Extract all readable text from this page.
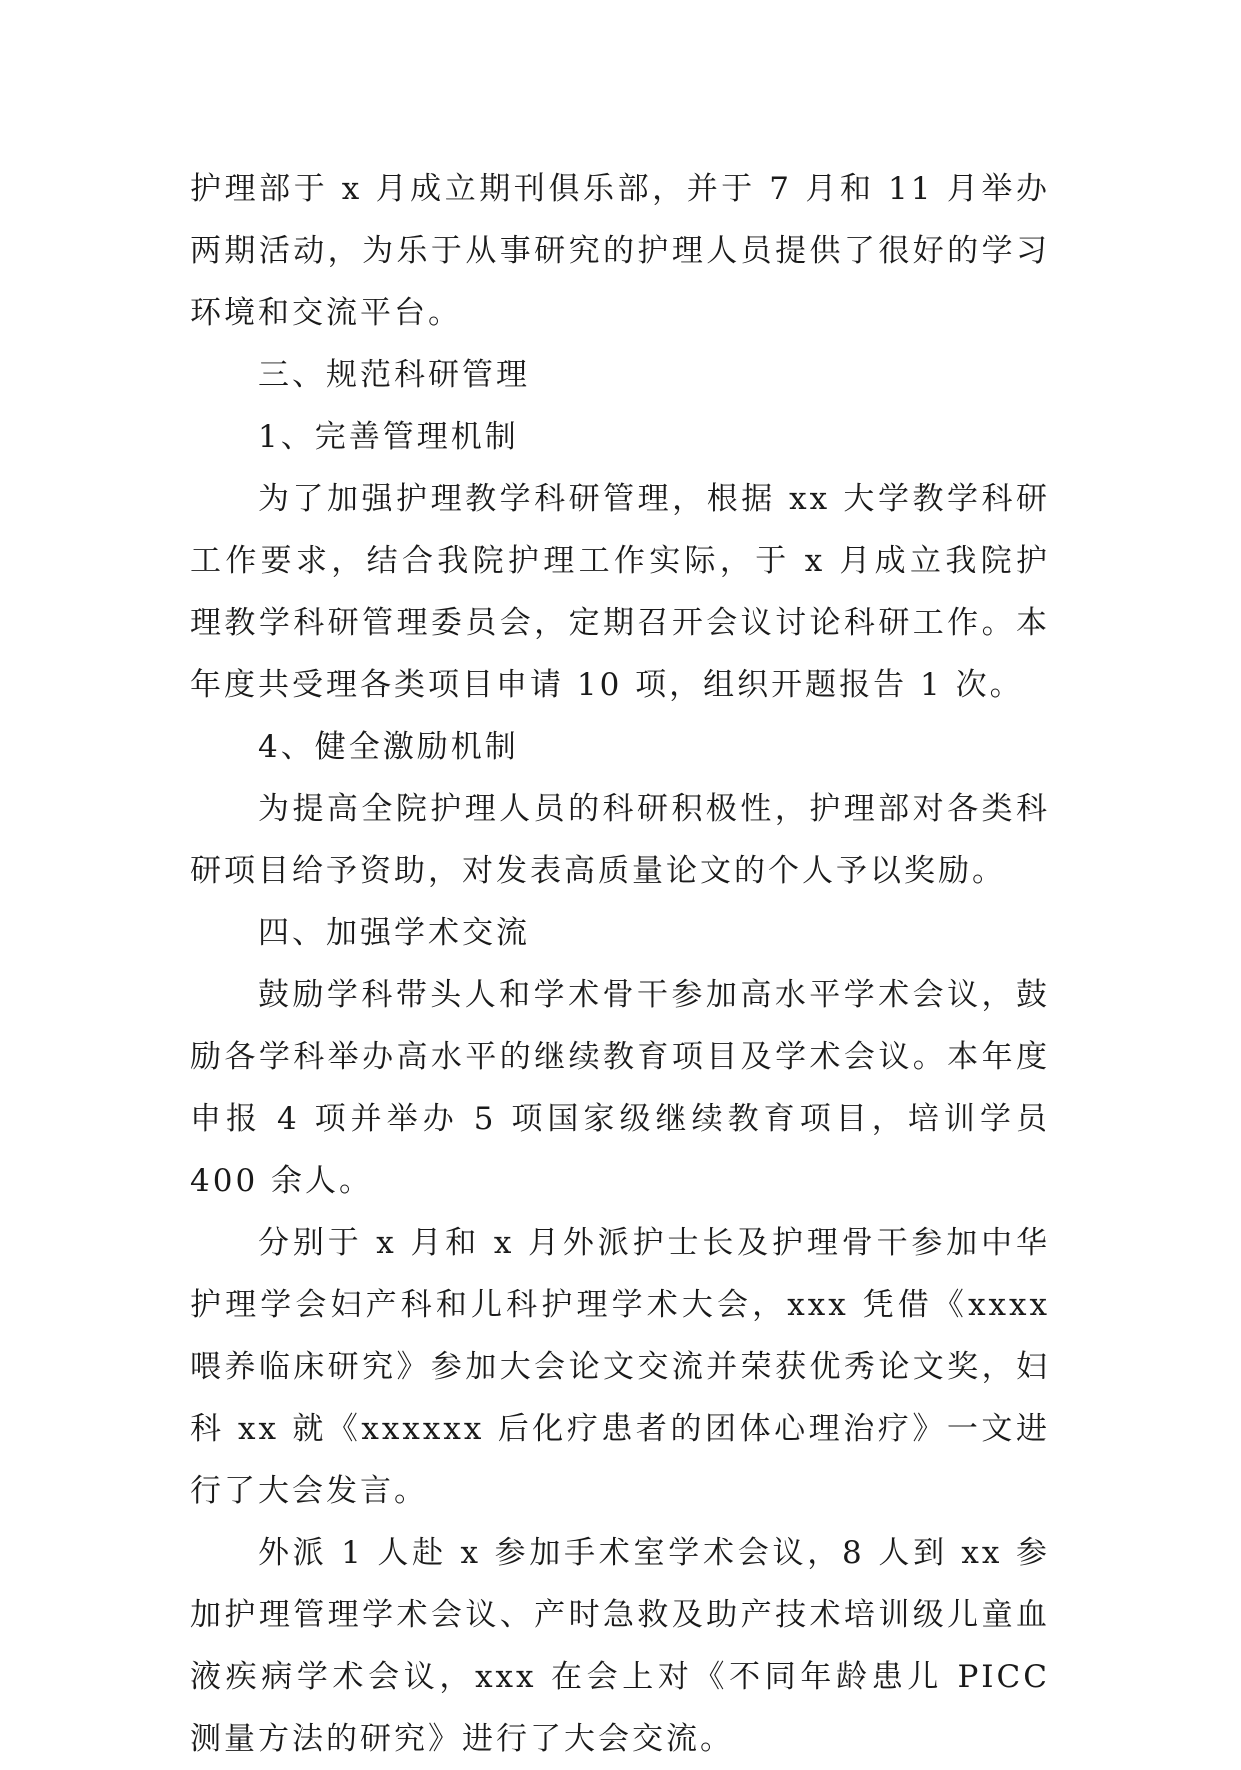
护理部于 x 月成立期刊俱乐部，并于 7 月和 11 月举办两期活动，为乐于从事研究的护理人员提供了很好的学习环境和交流平台。

三、规范科研管理

1、完善管理机制

为了加强护理教学科研管理，根据 xx 大学教学科研工作要求，结合我院护理工作实际，于 x 月成立我院护理教学科研管理委员会，定期召开会议讨论科研工作。本年度共受理各类项目申请 10 项，组织开题报告 1 次。

4、健全激励机制

为提高全院护理人员的科研积极性，护理部对各类科研项目给予资助，对发表高质量论文的个人予以奖励。

四、加强学术交流

鼓励学科带头人和学术骨干参加高水平学术会议，鼓励各学科举办高水平的继续教育项目及学术会议。本年度申报 4 项并举办 5 项国家级继续教育项目，培训学员 400 余人。

分别于 x 月和 x 月外派护士长及护理骨干参加中华护理学会妇产科和儿科护理学术大会，xxx 凭借《xxxx 喂养临床研究》参加大会论文交流并荣获优秀论文奖，妇科 xx 就《xxxxxx 后化疗患者的团体心理治疗》一文进行了大会发言。

外派 1 人赴 x 参加手术室学术会议，8 人到 xx 参加护理管理学术会议、产时急救及助产技术培训级儿童血液疾病学术会议，xxx 在会上对《不同年龄患儿 PICC 测量方法的研究》进行了大会交流。
